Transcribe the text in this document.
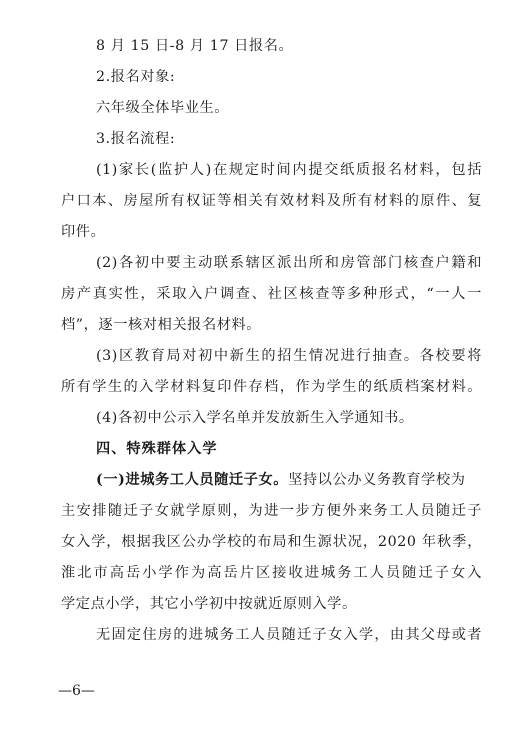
8 月 15 日-8 月 17 日报名。
2.报名对象:
六年级全体毕业生。
3.报名流程:
(1)家长(监护人)在规定时间内提交纸质报名材料，包括
户口本、房屋所有权证等相关有效材料及所有材料的原件、复
印件。
(2)各初中要主动联系辖区派出所和房管部门核查户籍和
房产真实性，采取入户调查、社区核查等多种形式，“一人一
档”，逐一核对相关报名材料。
(3)区教育局对初中新生的招生情况进行抽查。各校要将
所有学生的入学材料复印件存档，作为学生的纸质档案材料。
(4)各初中公示入学名单并发放新生入学通知书。
四、特殊群体入学
(一)进城务工人员随迁子女。坚持以公办义务教育学校为
主安排随迁子女就学原则，为进一步方便外来务工人员随迁子
女入学，根据我区公办学校的布局和生源状况，2020 年秋季，
淮北市高岳小学作为高岳片区接收进城务工人员随迁子女入
学定点小学，其它小学初中按就近原则入学。
无固定住房的进城务工人员随迁子女入学，由其父母或者
—6—
